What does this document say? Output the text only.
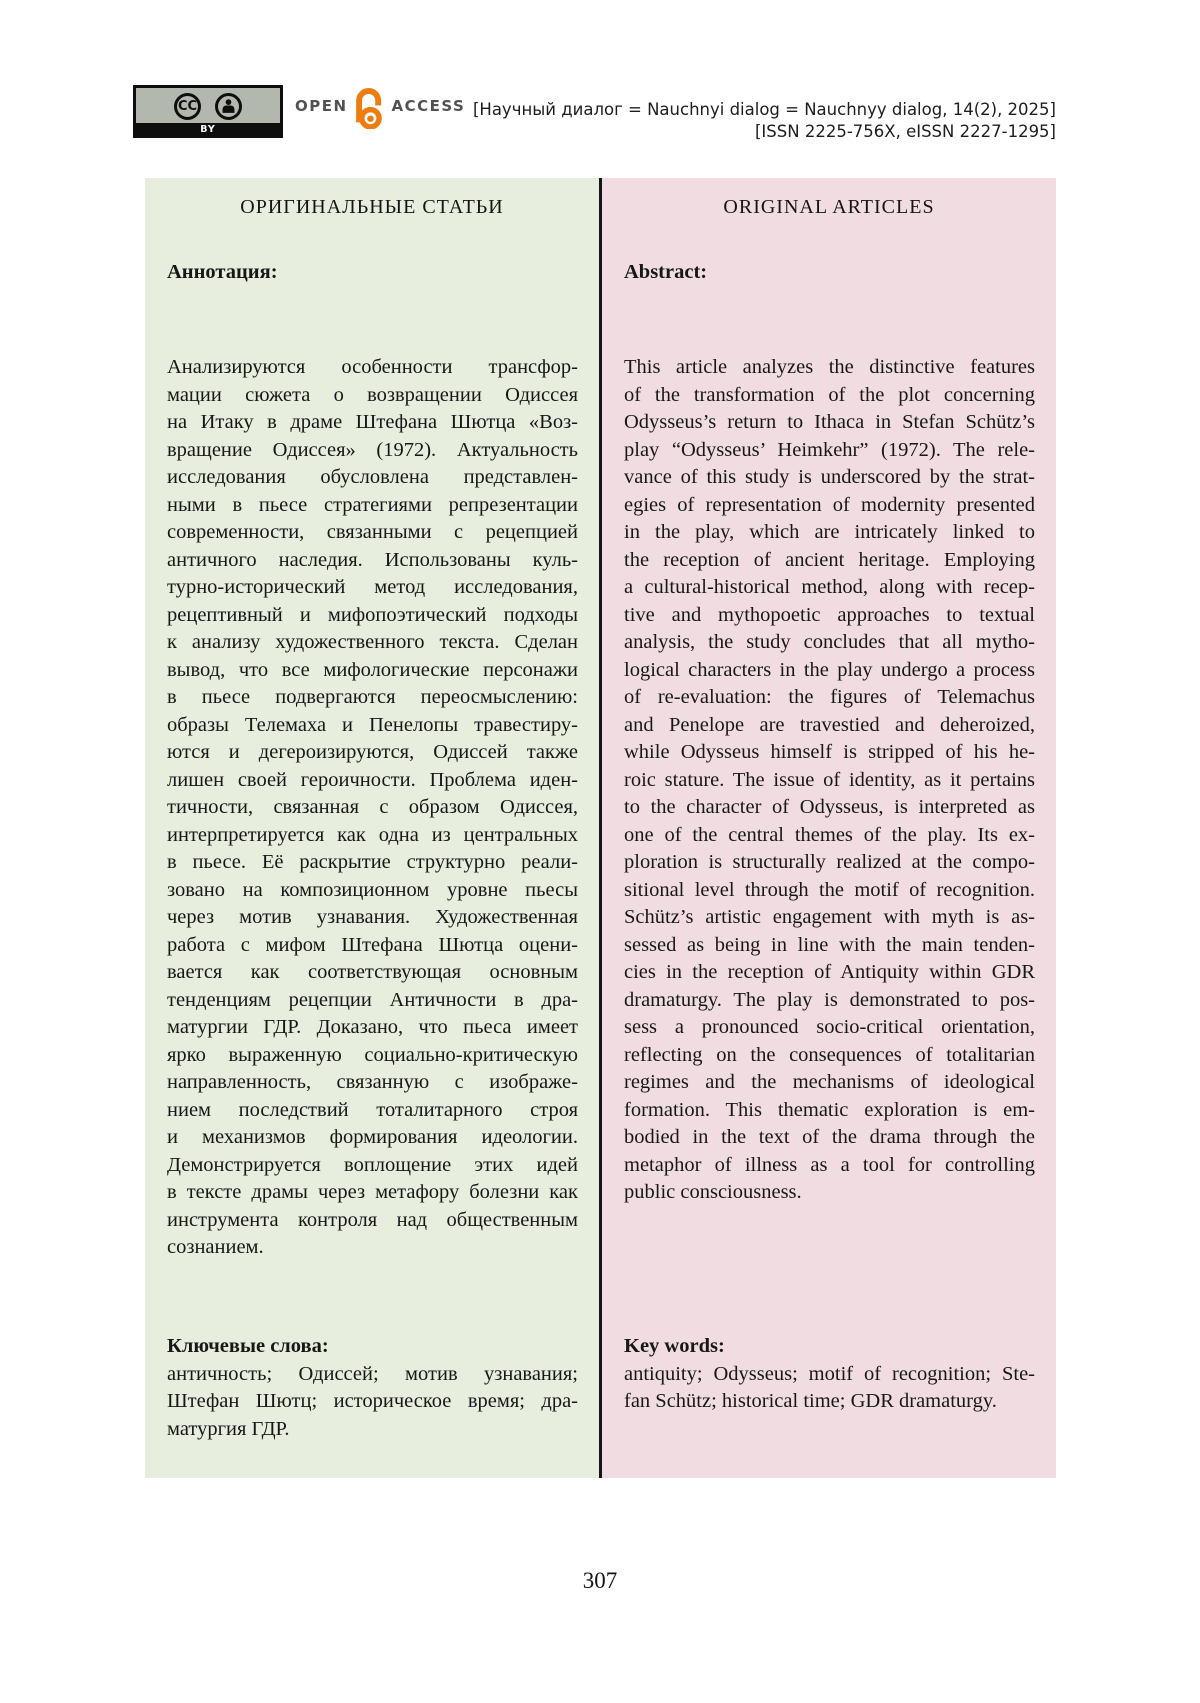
CC
BY
OPEN	ACCESS [Научный диалог = Nauchnyi dialog = Nauchnyy dialog, 14(2), 2025]
[ISSN 2225-756X, eISSN 2227-1295]
ОРИГИНАЛЬНЫЕ СТАТЬИ
Аннотация:
Анализируются особенности трансфор-
мации сюжета о возвращении Одиссея
на Итаку в драме Штефана Шютца «Воз-
вращение Одиссея» (1972). Актуальность
исследования обусловлена представлен-
ными в пьесе стратегиями репрезентации
современности, связанными с рецепцией
античного наследия. Использованы куль-
турно-исторический метод исследования,
рецептивный и мифопоэтический подходы
к анализу художественного текста. Сделан
вывод, что все мифологические персонажи
в пьесе подвергаются переосмыслению:
образы Телемаха и Пенелопы травестиру-
ются и дегероизируются, Одиссей также
лишен своей героичности. Проблема иден-
тичности, связанная с образом Одиссея,
интерпретируется как одна из центральных
в пьесе. Её раскрытие структурно реали-
зовано на композиционном уровне пьесы
через мотив узнавания. Художественная
работа с мифом Штефана Шютца оцени-
вается как соответствующая основным
тенденциям рецепции Античности в дра-
матургии ГДР. Доказано, что пьеса имеет
ярко выраженную социально-критическую
направленность, связанную с изображе-
нием последствий тоталитарного строя
и механизмов формирования идеологии.
Демонстрируется воплощение этих идей
в тексте драмы через метафору болезни как
инструмента контроля над общественным
сознанием.
Ключевые слова:
античность; Одиссей; мотив узнавания;
Штефан Шютц; историческое время; дра-
матургия ГДР.
ORIGINAL ARTICLES
Abstract:
This article analyzes the distinctive features
of the transformation of the plot concerning
Odysseus’s return to Ithaca in Stefan Schütz’s
play “Odysseus’ Heimkehr” (1972). The rele-
vance of this study is underscored by the strat-
egies of representation of modernity presented
in the play, which are intricately linked to
the reception of ancient heritage. Employing
a cultural-historical method, along with recep-
tive and mythopoetic approaches to textual
analysis, the study concludes that all mytho-
logical characters in the play undergo a process
of re-evaluation: the figures of Telemachus
and Penelope are travestied and deheroized,
while Odysseus himself is stripped of his he-
roic stature. The issue of identity, as it pertains
to the character of Odysseus, is interpreted as
one of the central themes of the play. Its ex-
ploration is structurally realized at the compo-
sitional level through the motif of recognition.
Schütz’s artistic engagement with myth is as-
sessed as being in line with the main tenden-
cies in the reception of Antiquity within GDR
dramaturgy. The play is demonstrated to pos-
sess a pronounced socio-critical orientation,
reflecting on the consequences of totalitarian
regimes and the mechanisms of ideological
formation. This thematic exploration is em-
bodied in the text of the drama through the
metaphor of illness as a tool for controlling
public consciousness.
Key words:
antiquity; Odysseus; motif of recognition; Ste-
fan Schütz; historical time; GDR dramaturgy.
307
